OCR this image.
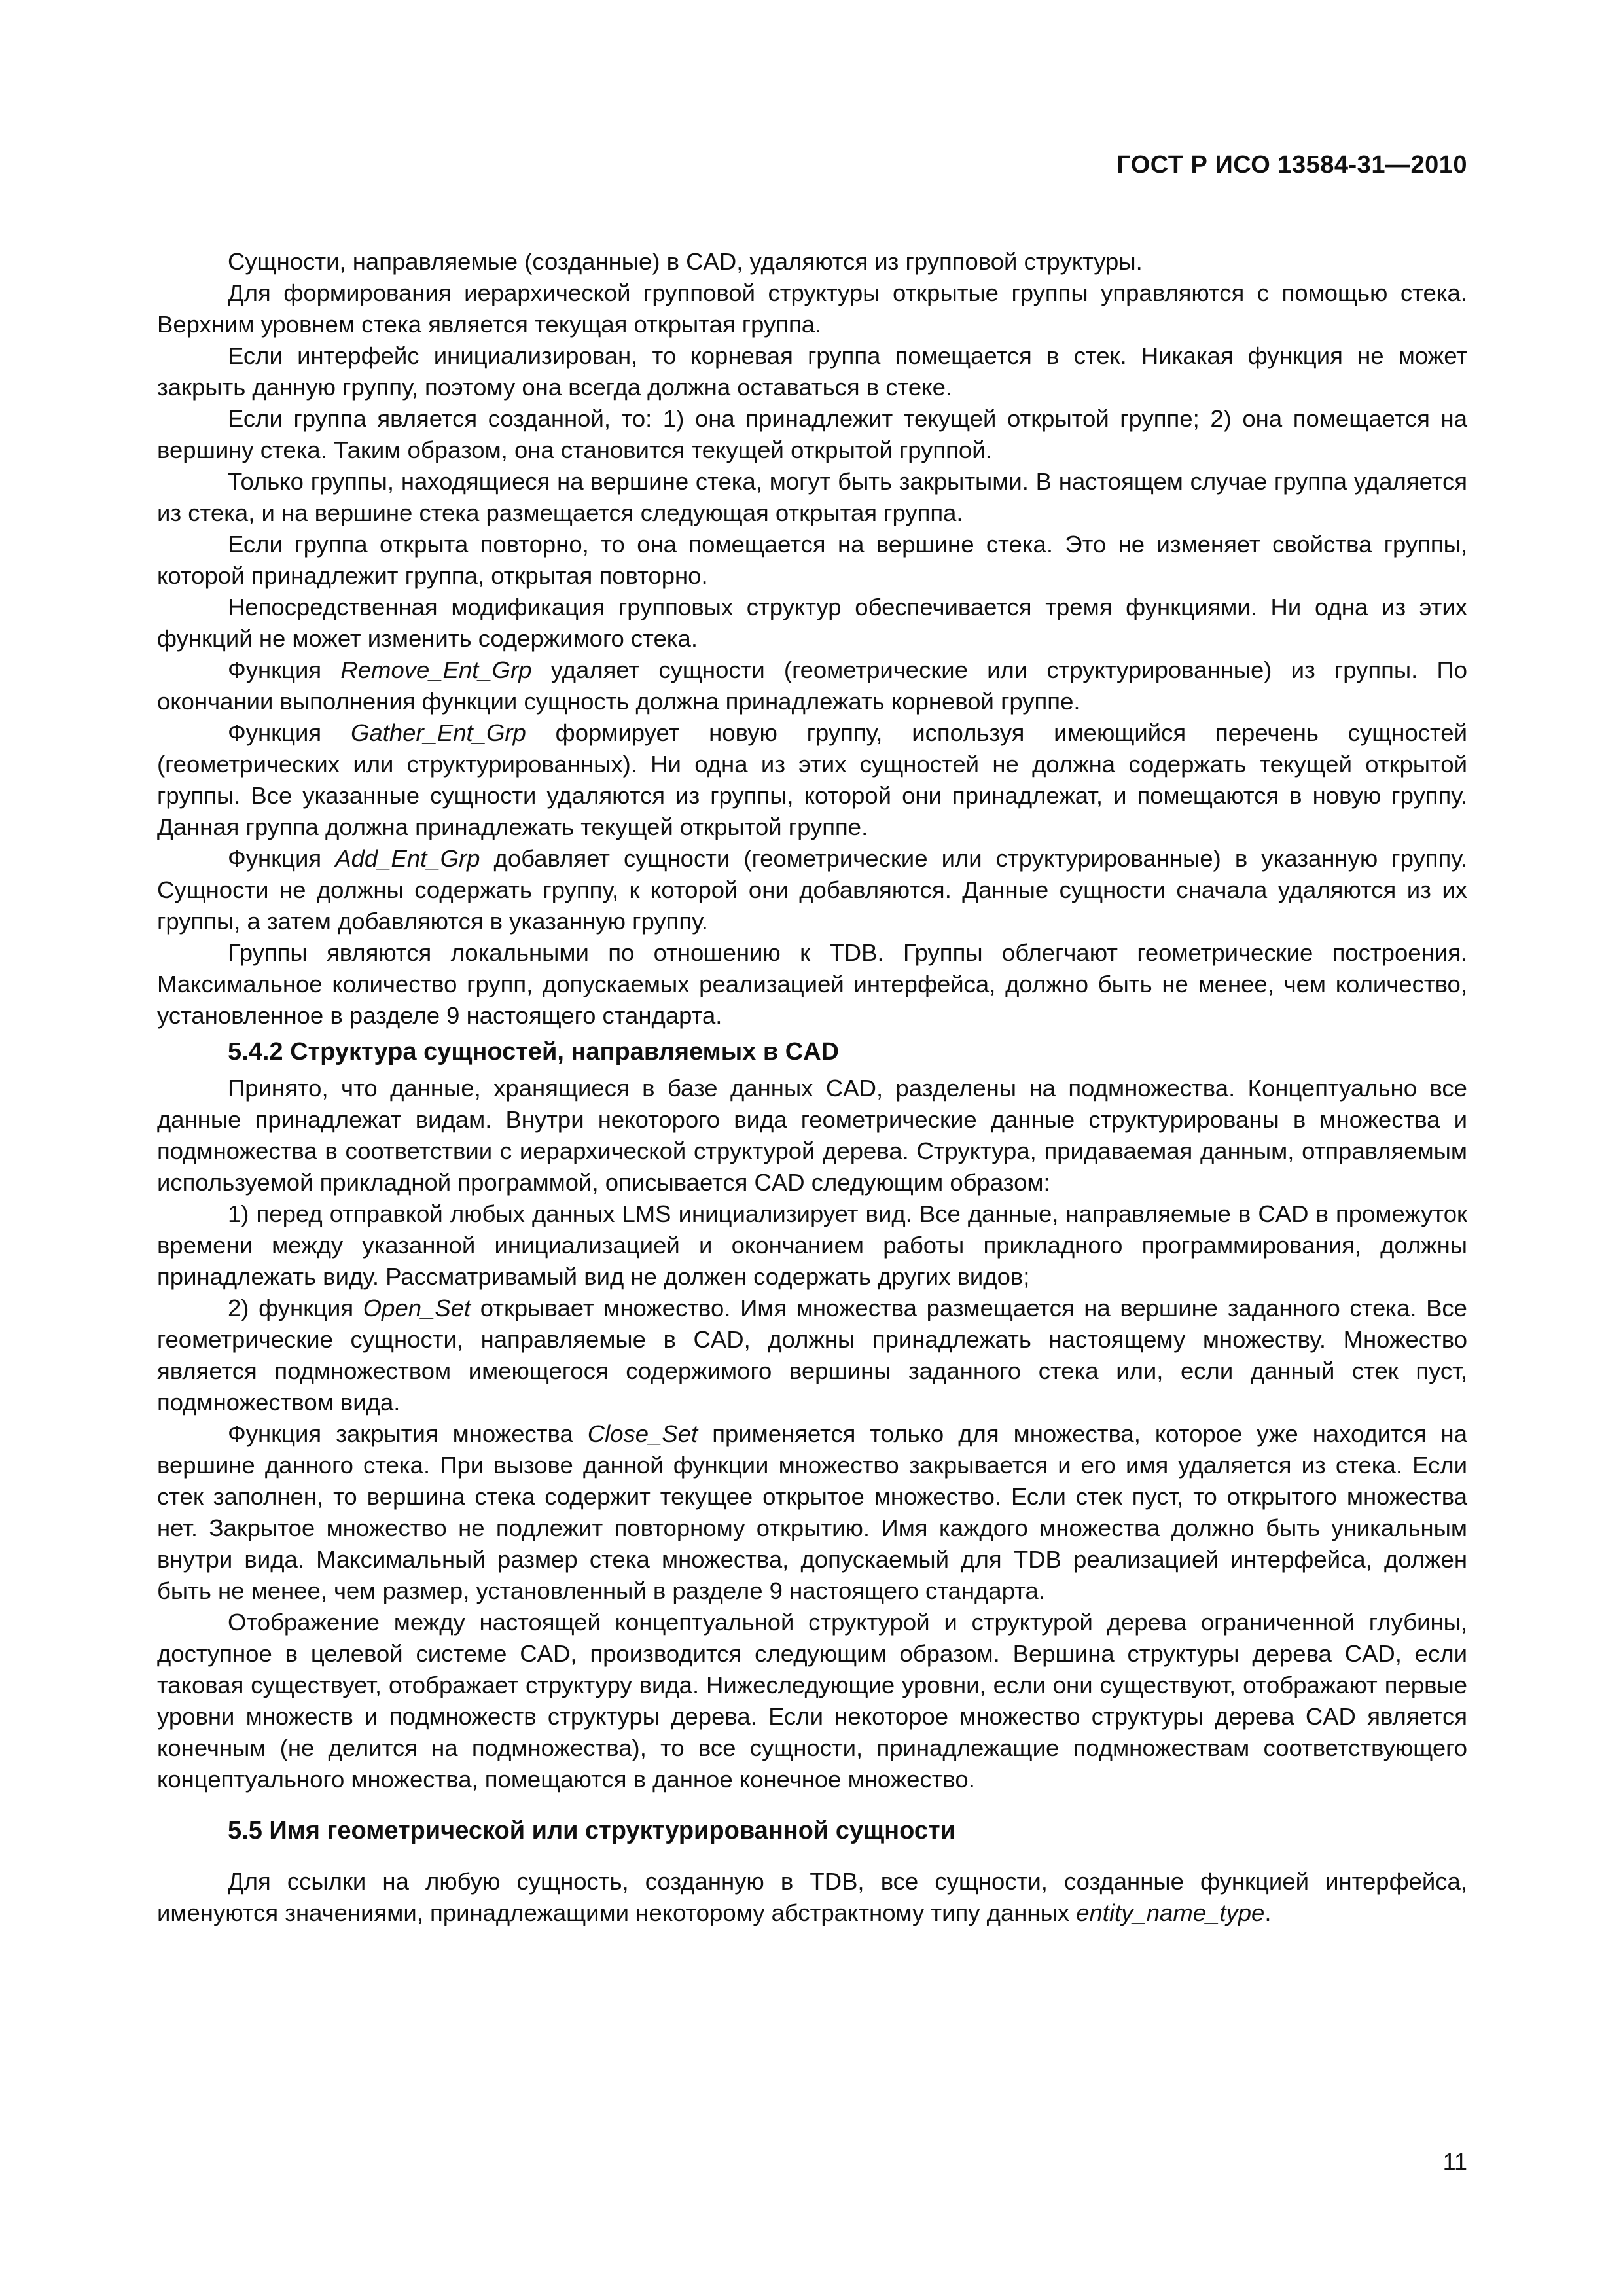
ГОСТ Р ИСО 13584-31—2010

Сущности, направляемые (созданные) в CAD, удаляются из групповой структуры.

Для формирования иерархической групповой структуры открытые группы управляются с помощью стека. Верхним уровнем стека является текущая открытая группа.

Если интерфейс инициализирован, то корневая группа помещается в стек. Никакая функция не может закрыть данную группу, поэтому она всегда должна оставаться в стеке.

Если группа является созданной, то: 1) она принадлежит текущей открытой группе; 2) она помещается на вершину стека. Таким образом, она становится текущей открытой группой.

Только группы, находящиеся на вершине стека, могут быть закрытыми. В настоящем случае группа удаляется из стека, и на вершине стека размещается следующая открытая группа.

Если группа открыта повторно, то она помещается на вершине стека. Это не изменяет свойства группы, которой принадлежит группа, открытая повторно.

Непосредственная модификация групповых структур обеспечивается тремя функциями. Ни одна из этих функций не может изменить содержимого стека.

Функция Remove_Ent_Grp удаляет сущности (геометрические или структурированные) из группы. По окончании выполнения функции сущность должна принадлежать корневой группе.

Функция Gather_Ent_Grp формирует новую группу, используя имеющийся перечень сущностей (геометрических или структурированных). Ни одна из этих сущностей не должна содержать текущей открытой группы. Все указанные сущности удаляются из группы, которой они принадлежат, и помещаются в новую группу. Данная группа должна принадлежать текущей открытой группе.

Функция Add_Ent_Grp добавляет сущности (геометрические или структурированные) в указанную группу. Сущности не должны содержать группу, к которой они добавляются. Данные сущности сначала удаляются из их группы, а затем добавляются в указанную группу.

Группы являются локальными по отношению к TDB. Группы облегчают геометрические построения. Максимальное количество групп, допускаемых реализацией интерфейса, должно быть не менее, чем количество, установленное в разделе 9 настоящего стандарта.

5.4.2 Структура сущностей, направляемых в CAD

Принято, что данные, хранящиеся в базе данных CAD, разделены на подмножества. Концептуально все данные принадлежат видам. Внутри некоторого вида геометрические данные структурированы в множества и подмножества в соответствии с иерархической структурой дерева. Структура, придаваемая данным, отправляемым используемой прикладной программой, описывается CAD следующим образом:

1) перед отправкой любых данных LMS инициализирует вид. Все данные, направляемые в CAD в промежуток времени между указанной инициализацией и окончанием работы прикладного программирования, должны принадлежать виду. Рассматривамый вид не должен содержать других видов;

2) функция Open_Set открывает множество. Имя множества размещается на вершине заданного стека. Все геометрические сущности, направляемые в CAD, должны принадлежать настоящему множеству. Множество является подмножеством имеющегося содержимого вершины заданного стека или, если данный стек пуст, подмножеством вида.

Функция закрытия множества Close_Set применяется только для множества, которое уже находится на вершине данного стека. При вызове данной функции множество закрывается и его имя удаляется из стека. Если стек заполнен, то вершина стека содержит текущее открытое множество. Если стек пуст, то открытого множества нет. Закрытое множество не подлежит повторному открытию. Имя каждого множества должно быть уникальным внутри вида. Максимальный размер стека множества, допускаемый для TDB реализацией интерфейса, должен быть не менее, чем размер, установленный в разделе 9 настоящего стандарта.

Отображение между настоящей концептуальной структурой и структурой дерева ограниченной глубины, доступное в целевой системе CAD, производится следующим образом. Вершина структуры дерева CAD, если таковая существует, отображает структуру вида. Нижеследующие уровни, если они существуют, отображают первые уровни множеств и подмножеств структуры дерева. Если некоторое множество структуры дерева CAD является конечным (не делится на подмножества), то все сущности, принадлежащие подмножествам соответствующего концептуального множества, помещаются в данное конечное множество.

5.5 Имя геометрической или структурированной сущности

Для ссылки на любую сущность, созданную в TDB, все сущности, созданные функцией интерфейса, именуются значениями, принадлежащими некоторому абстрактному типу данных entity_name_type.

11
